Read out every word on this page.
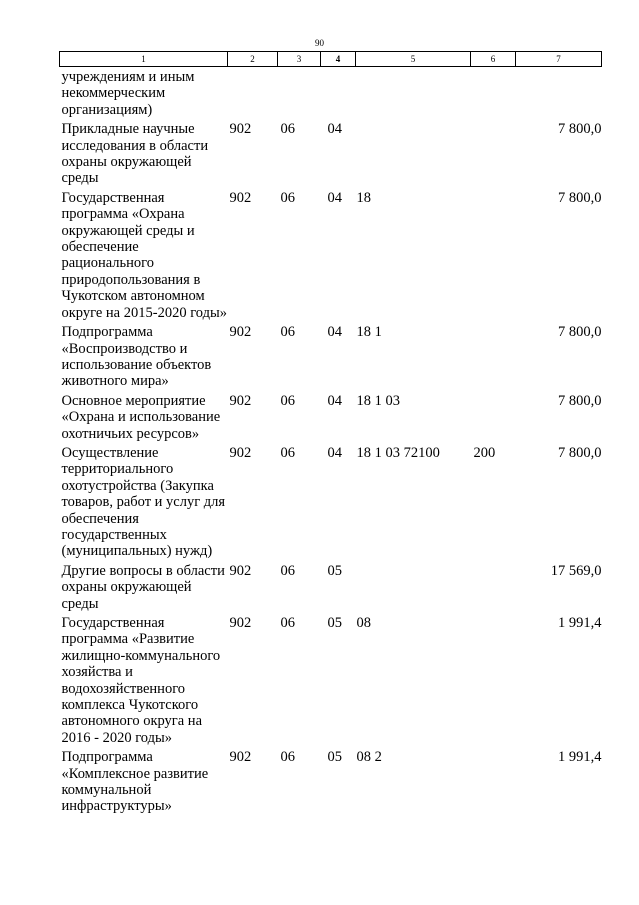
90
1	2	3	4	5	6	7
учреждениям и иным некоммерческим организациям)						
Прикладные научные исследования в области охраны окружающей среды	902	06	04			7 800,0
Государственная программа «Охрана окружающей среды и обеспечение рационального природопользования в Чукотском автономном округе на 2015-2020 годы»	902	06	04	18		7 800,0
Подпрограмма «Воспроизводство и использование объектов животного мира»	902	06	04	18 1		7 800,0
Основное мероприятие «Охрана и использование охотничьих ресурсов»	902	06	04	18 1 03		7 800,0
Осуществление территориального охотустройства (Закупка товаров, работ и услуг для обеспечения государственных (муниципальных) нужд)	902	06	04	18 1 03 72100	200	7 800,0
Другие вопросы в области охраны окружающей среды	902	06	05			17 569,0
Государственная программа «Развитие жилищно-коммунального хозяйства и водохозяйственного комплекса Чукотского автономного округа на 2016 - 2020 годы»	902	06	05	08		1 991,4
Подпрограмма «Комплексное развитие коммунальной инфраструктуры»	902	06	05	08 2		1 991,4
